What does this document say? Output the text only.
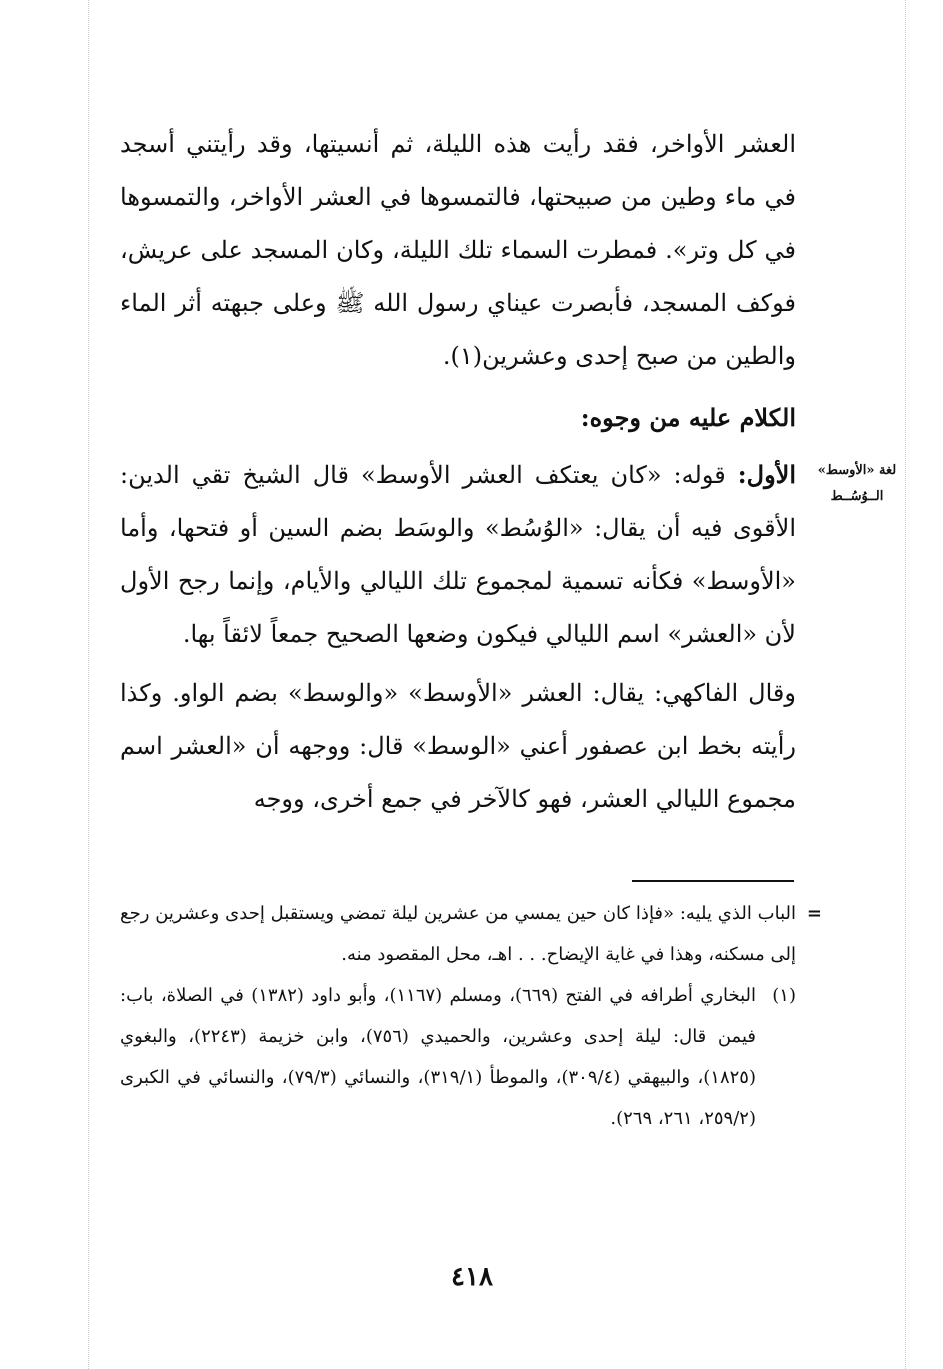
العشر الأواخر، فقد رأيت هذه الليلة، ثم أنسيتها، وقد رأيتني أسجد في ماء وطين من صبيحتها، فالتمسوها في العشر الأواخر، والتمسوها في كل وتر». فمطرت السماء تلك الليلة، وكان المسجد على عريش، فوكف المسجد، فأبصرت عيناي رسول الله ﷺ وعلى جبهته أثر الماء والطين من صبح إحدى وعشرين(١).

الكلام عليه من وجوه:

الأول: قوله: «كان يعتكف العشر الأوسط» قال الشيخ تقي الدين: الأقوى فيه أن يقال: «الوُسُط» والوسَط بضم السين أو فتحها، وأما «الأوسط» فكأنه تسمية لمجموع تلك الليالي والأيام، وإنما رجح الأول لأن «العشر» اسم الليالي فيكون وضعها الصحيح جمعاً لائقاً بها.

وقال الفاكهي: يقال: العشر «الأوسط» «والوسط» بضم الواو. وكذا رأيته بخط ابن عصفور أعني «الوسط» قال: ووجهه أن «العشر اسم مجموع الليالي العشر، فهو كالآخر في جمع أخرى، ووجه

لغة «الأوسط»
الــوُسُــط

=
الباب الذي يليه: «فإذا كان حين يمسي من عشرين ليلة تمضي ويستقبل إحدى وعشرين رجع إلى مسكنه، وهذا في غاية الإيضاح. . . اهـ، محل المقصود منه.

(١)
البخاري أطرافه في الفتح (٦٦٩)، ومسلم (١١٦٧)، وأبو داود (١٣٨٢) في الصلاة، باب: فيمن قال: ليلة إحدى وعشرين، والحميدي (٧٥٦)، وابن خزيمة (٢٢٤٣)، والبغوي (١٨٢٥)، والبيهقي (٣٠٩/٤)، والموطأ (٣١٩/١)، والنسائي (٧٩/٣)، والنسائي في الكبرى (٢٥٩/٢، ٢٦١، ٢٦٩).

٤١٨
